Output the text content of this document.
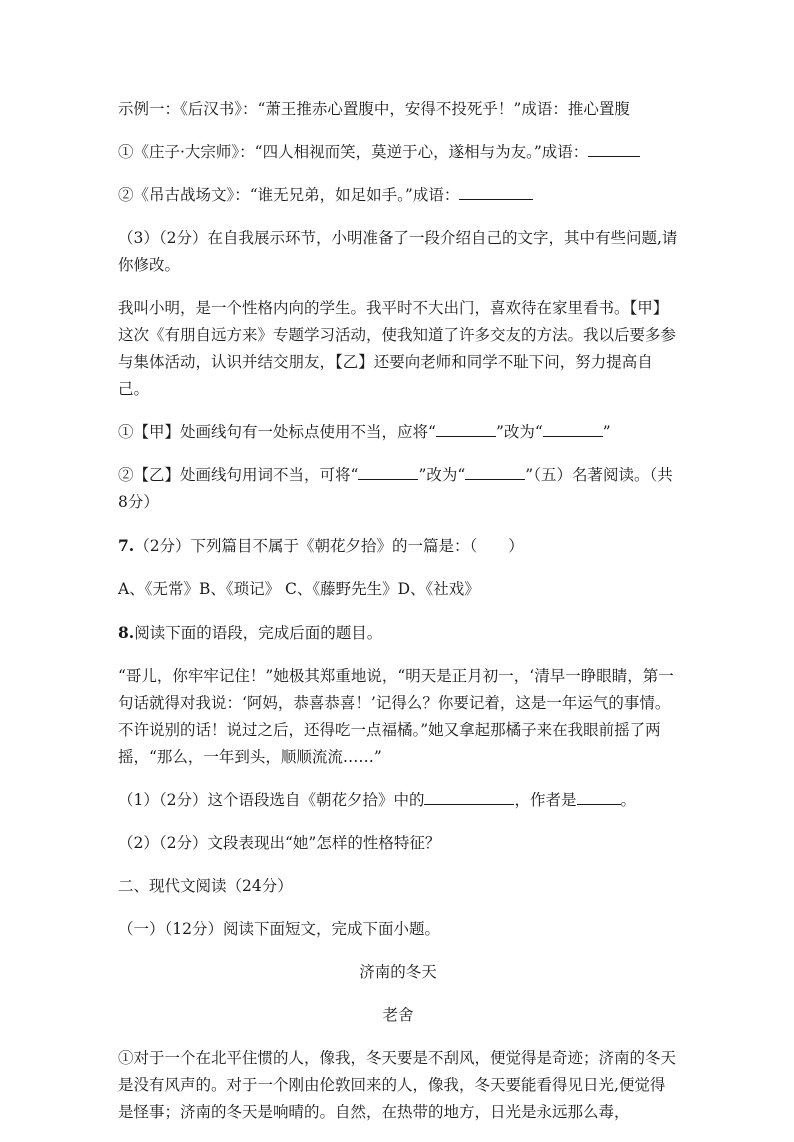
示例一：《后汉书》：“萧王推赤心置腹中，安得不投死乎！”成语：推心置腹

①《庄子·大宗师》：“四人相视而笑，莫逆于心，遂相与为友。”成语：

②《吊古战场文》：“谁无兄弟，如足如手。”成语：

（3）（2分）在自我展示环节，小明准备了一段介绍自己的文字，其中有些问题,请你修改。

我叫小明，是一个性格内向的学生。我平时不大出门，喜欢待在家里看书。【甲】这次《有朋自远方来》专题学习活动，使我知道了许多交友的方法。我以后要多参与集体活动，认识并结交朋友，【乙】还要向老师和同学不耻下问，努力提高自己。

①【甲】处画线句有一处标点使用不当，应将“	”改为“	”

②【乙】处画线句用词不当，可将“	”改为“	”（五）名著阅读。（共8分）

7.（2分）下列篇目不属于《朝花夕拾》的一篇是：（　　）

A、《无常》B、《琐记》 C、《藤野先生》D、《社戏》

8.阅读下面的语段，完成后面的题目。

“哥儿，你牢牢记住！”她极其郑重地说，“明天是正月初一，‘清早一睁眼睛，第一句话就得对我说：‘阿妈，恭喜恭喜！’记得么？你要记着，这是一年运气的事情。不许说别的话！说过之后，还得吃一点福橘。”她又拿起那橘子来在我眼前摇了两摇，“那么，一年到头，顺顺流流……”

（1）（2分）这个语段选自《朝花夕拾》中的	，作者是	。

（2）（2分）文段表现出“她”怎样的性格特征？

二、现代文阅读（24分）

（一）（12分）阅读下面短文，完成下面小题。

济南的冬天

老舍

①对于一个在北平住惯的人，像我，冬天要是不刮风，便觉得是奇迹；济南的冬天是没有风声的。对于一个刚由伦敦回来的人，像我，冬天要能看得见日光,便觉得是怪事；济南的冬天是响晴的。自然，在热带的地方，日光是永远那么毒，
